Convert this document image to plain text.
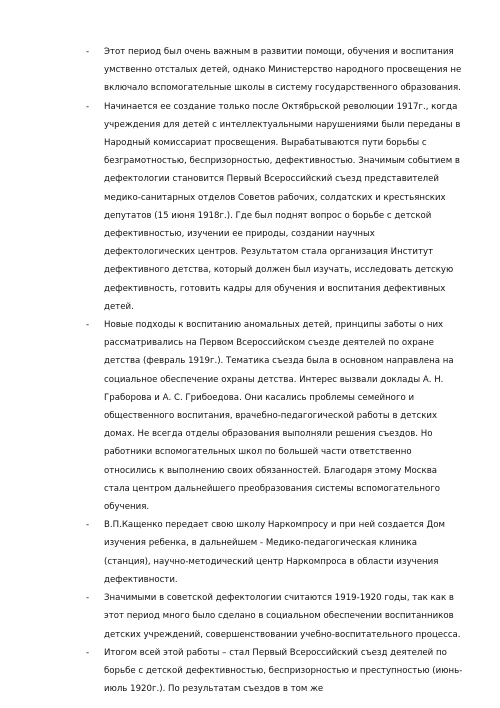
- Этот период был очень важным в развитии помощи, обучения и воспитания умственно отсталых детей, однако Министерство народного просвещения не включало вспомогательные школы в систему государственного образования.
- Начинается ее создание только после Октябрьской революции 1917г., когда учреждения для детей с интеллектуальными нарушениями были переданы в Народный комиссариат просвещения. Вырабатываются пути борьбы с безграмотностью, беспризорностью, дефективностью. Значимым событием в дефектологии становится Первый Всероссийский съезд представителей медико-санитарных отделов Советов рабочих, солдатских и крестьянских депутатов (15 июня 1918г.). Где был поднят вопрос о борьбе с детской дефективностью, изучении ее природы, создании научных дефектологических центров. Результатом стала организация Институт дефективного детства, который должен был изучать, исследовать детскую дефективность, готовить кадры для обучения и воспитания дефективных детей.
- Новые подходы к воспитанию аномальных детей, принципы заботы о них рассматривались на Первом Всероссийском съезде деятелей по охране детства (февраль 1919г.). Тематика съезда была в основном направлена на социальное обеспечение охраны детства. Интерес вызвали доклады А. Н. Граборова и А. С. Грибоедова. Они касались проблемы семейного и общественного воспитания, врачебно-педагогической работы в детских домах. Не всегда отделы образования выполняли решения съездов. Но работники вспомогательных школ по большей части ответственно относились к выполнению своих обязанностей. Благодаря этому Москва стала центром дальнейшего преобразования системы вспомогательного обучения.
- В.П.Кащенко передает свою школу Наркомпросу и при ней создается Дом изучения ребенка, в дальнейшем - Медико-педагогическая клиника (станция), научно-методический центр Наркомпроса в области изучения дефективности.
- Значимыми в советской дефектологии считаются 1919-1920 годы, так как в этот период много было сделано в социальном обеспечении воспитанников детских учреждений, совершенствовании учебно-воспитательного процесса.
- Итогом всей этой работы – стал Первый Всероссийский съезд деятелей по борьбе с детской дефективностью, беспризорностью и преступностью (июнь-июль 1920г.). По результатам съездов в том же
